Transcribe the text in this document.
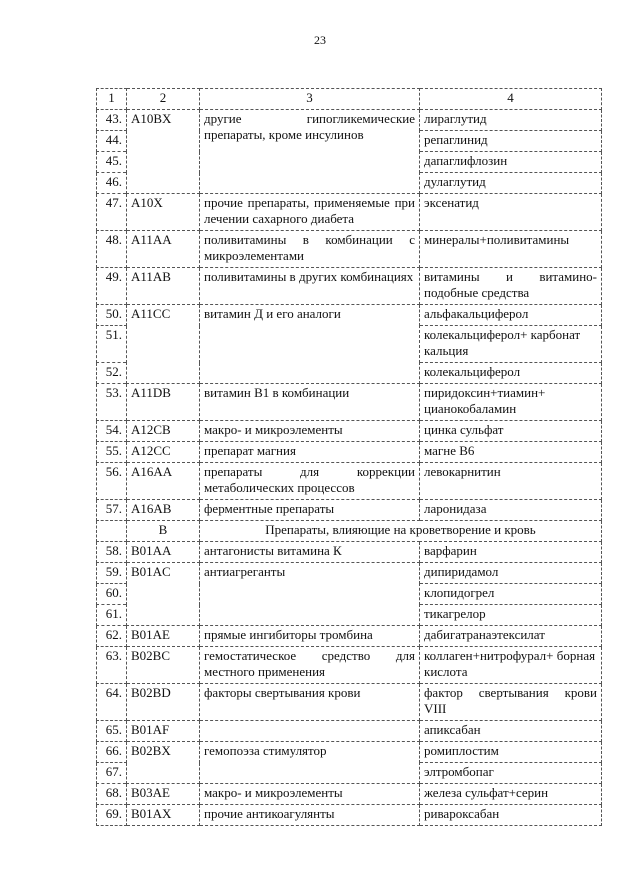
23
1	2	3	4
43.	A10BX	другие гипогликемические препараты, кроме инсулинов	лираглутид
44.			репаглинид
45.			дапаглифлозин
46.			дулаглутид
47.	A10X	прочие препараты, применяемые при лечении сахарного диабета	эксенатид
48.	A11AA	поливитамины в комбинации с микроэлементами	минералы+поливитамины
49.	A11AB	поливитамины в других комбинациях	витамины и витамино-подобные средства
50.	A11CC	витамин Д и его аналоги	альфакальциферол
51.			колекальциферол+ карбонат кальция
52.			колекальциферол
53.	A11DB	витамин В1 в комбинации	пиридоксин+тиамин+ цианокобаламин
54.	A12CB	макро- и микроэлементы	цинка сульфат
55.	A12CC	препарат магния	магне В6
56.	A16AA	препараты для коррекции метаболических процессов	левокарнитин
57.	A16AB	ферментные препараты	ларонидаза
	B	Препараты, влияющие на кроветворение и кровь	
58.	B01AA	антагонисты витамина К	варфарин
59.	B01AC	антиагреганты	дипиридамол
60.			клопидогрел
61.			тикагрелор
62.	B01AE	прямые ингибиторы тромбина	дабигатранаэтексилат
63.	B02BC	гемостатическое средство для местного применения	коллаген+нитрофурал+ борная кислота
64.	B02BD	факторы свертывания крови	фактор свертывания крови VIII
65.	B01AF		апиксабан
66.	B02BX	гемопоэза стимулятор	ромиплостим
67.			элтромбопаг
68.	B03AE	макро- и микроэлементы	железа сульфат+серин
69.	B01AX	прочие антикоагулянты	ривароксабан
